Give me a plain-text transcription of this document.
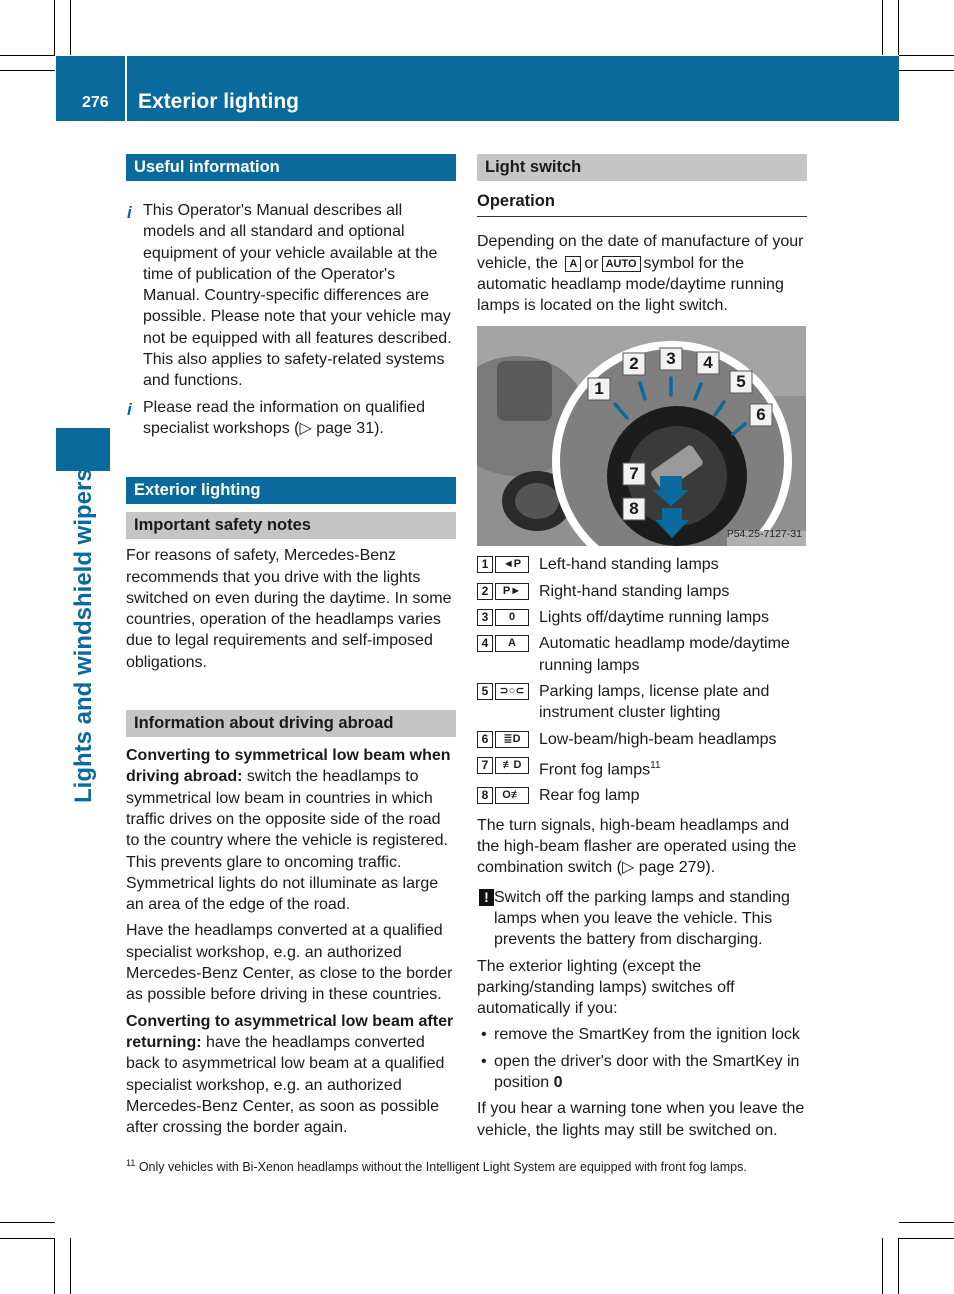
276 Exterior lighting
Lights and windshield wipers
Useful information

i This Operator's Manual describes all models and all standard and optional equipment of your vehicle available at the time of publication of the Operator's Manual. Country-specific differences are possible. Please note that your vehicle may not be equipped with all features described. This also applies to safety-related systems and functions.

i Please read the information on qualified specialist workshops (▷ page 31).

Exterior lighting
Important safety notes

For reasons of safety, Mercedes-Benz recommends that you drive with the lights switched on even during the daytime. In some countries, operation of the headlamps varies due to legal requirements and self-imposed obligations.

Information about driving abroad

Converting to symmetrical low beam when driving abroad: switch the headlamps to symmetrical low beam in countries in which traffic drives on the opposite side of the road to the country where the vehicle is registered. This prevents glare to oncoming traffic. Symmetrical lights do not illuminate as large an area of the edge of the road.

Have the headlamps converted at a qualified specialist workshop, e.g. an authorized Mercedes-Benz Center, as close to the border as possible before driving in these countries.

Converting to asymmetrical low beam after returning: have the headlamps converted back to asymmetrical low beam at a qualified specialist workshop, e.g. an authorized Mercedes-Benz Center, as soon as possible after crossing the border again.

Light switch
Operation

Depending on the date of manufacture of your vehicle, the A or AUTO symbol for the automatic headlamp mode/daytime running lamps is located on the light switch.

1
2	3	4
5
6
7
8
P54.25-7127-31
1	◄P	Left-hand standing lamps
2	P►	Right-hand standing lamps
3	0	Lights off/daytime running lamps
4	A	Automatic headlamp mode/daytime running lamps
5	⊃○⊂ Parking lamps, license plate and instrument cluster lighting
6	≣D	Low-beam/high-beam headlamps
7	≢D	Front fog lamps$^{11}$
8	O≢	Rear fog lamp

The turn signals, high-beam headlamps and the high-beam flasher are operated using the combination switch (▷ page 279).

! Switch off the parking lamps and standing lamps when you leave the vehicle. This prevents the battery from discharging.

The exterior lighting (except the parking/standing lamps) switches off automatically if you:

• remove the SmartKey from the ignition lock

• open the driver's door with the SmartKey in position 0

If you hear a warning tone when you leave the vehicle, the lights may still be switched on.

$^{11}$ Only vehicles with Bi-Xenon headlamps without the Intelligent Light System are equipped with front fog lamps.
